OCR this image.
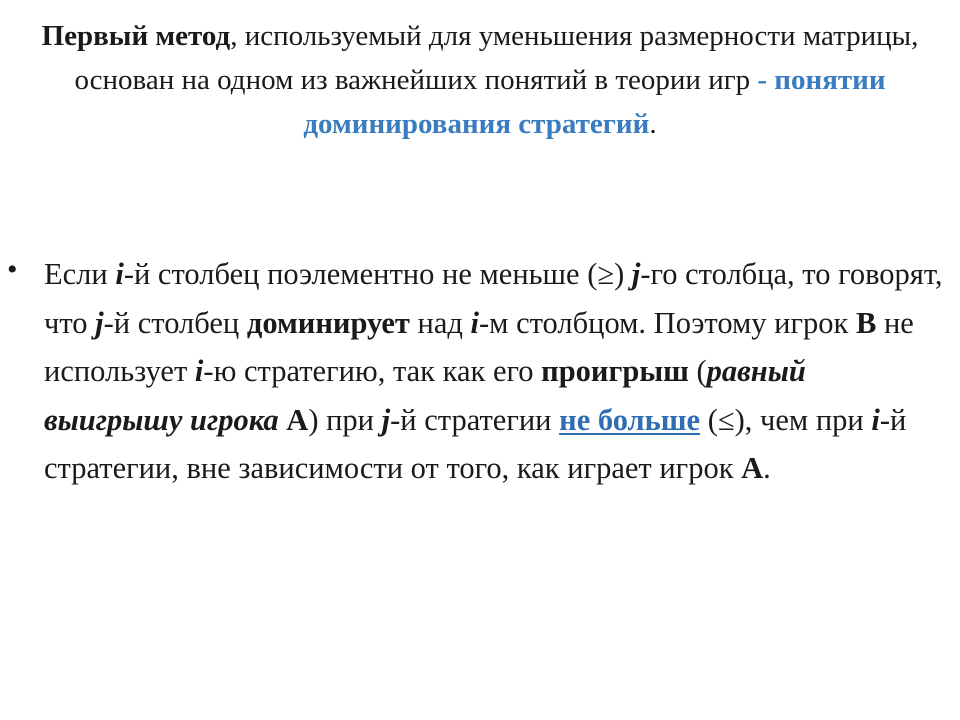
Первый метод, используемый для уменьшения размерности матрицы, основан на одном из важнейших понятий в теории игр - понятии доминирования стратегий.
• Если i-й столбец поэлементно не меньше (≥) j-го столбца, то говорят, что j-й столбец доминирует над i-м столбцом. Поэтому игрок В не использует i-ю стратегию, так как его проигрыш (равный выигрышу игрока А) при j-й стратегии не больше (≤), чем при i-й стратегии, вне зависимости от того, как играет игрок А.
